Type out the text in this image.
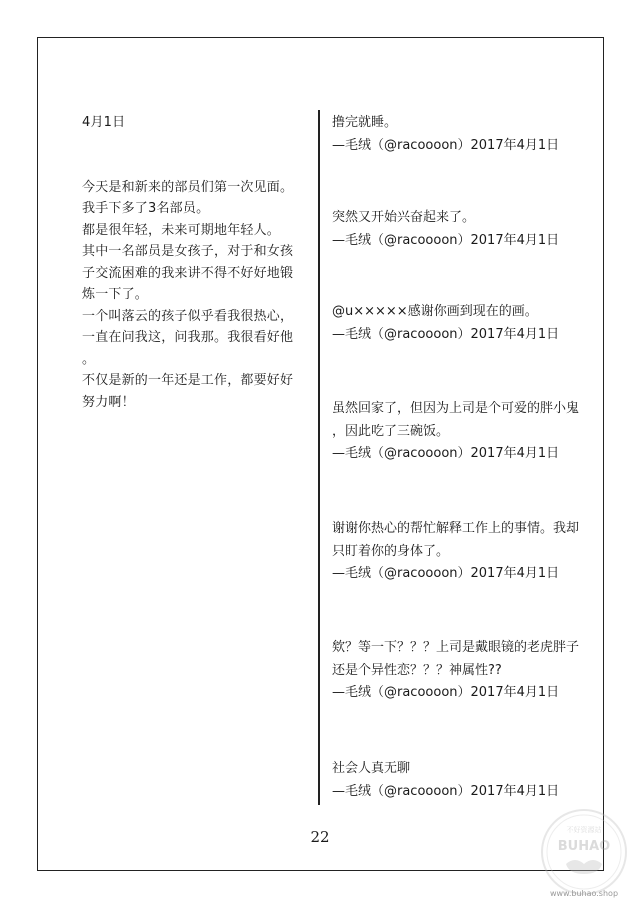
4月1日

今天是和新来的部员们第一次见面。

我手下多了3名部员。

都是很年轻，未来可期地年轻人。

其中一名部员是女孩子，对于和女孩

子交流困难的我来讲不得不好好地锻

炼一下了。

一个叫落云的孩子似乎看我很热心，

一直在问我这，问我那。我很看好他

。

不仅是新的一年还是工作，都要好好

努力啊！

撸完就睡。

—毛绒（@racoooon）2017年4月1日

突然又开始兴奋起来了。

—毛绒（@racoooon）2017年4月1日

@u×××××感谢你画到现在的画。

—毛绒（@racoooon）2017年4月1日

虽然回家了，但因为上司是个可爱的胖小鬼

，因此吃了三碗饭。

—毛绒（@racoooon）2017年4月1日

谢谢你热心的帮忙解释工作上的事情。我却

只盯着你的身体了。

—毛绒（@racoooon）2017年4月1日

欸？等一下？？？上司是戴眼镜的老虎胖子

还是个异性恋？？？神属性??

—毛绒（@racoooon）2017年4月1日

社会人真无聊

—毛绒（@racoooon）2017年4月1日

22	不好资源站
BUHAO
www.buhao.shop
